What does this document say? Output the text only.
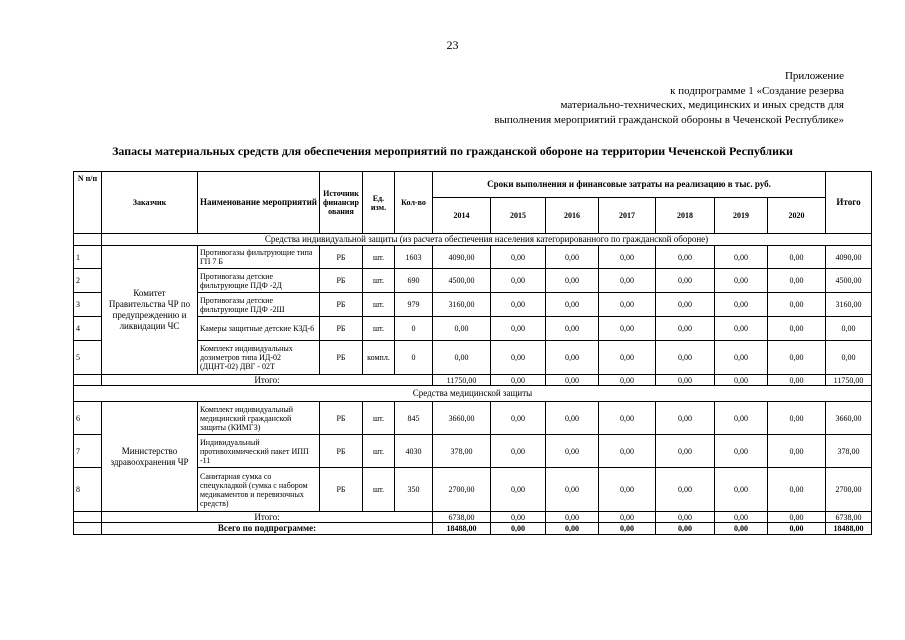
23
Приложение
к подпрограмме 1 «Создание резерва
материально-технических, медицинских и иных средств для
выполнения мероприятий гражданской обороны в Чеченской Республике»
Запасы материальных средств для обеспечения мероприятий по гражданской обороне на территории Чеченской Республики
N п/п	Заказчик	Наименование мероприятий	Источник финансирования	Ед. изм.	Кол-во	Сроки выполнения и финансовые затраты на реализацию в тыс. руб.							Итого
						2014	2015	2016	2017	2018	2019	2020	
	Средства индивидуальной защиты (из расчета обеспечения населения категорированного по гражданской обороне)												
1	Комитет Правительства ЧР по предупреждению и ликвидации ЧС	Противогазы фильтрующие типа ГП 7 Б	РБ	шт.	1603	4090,00	0,00	0,00	0,00	0,00	0,00	0,00	4090,00
2		Противогазы детские фильтрующие ПДФ -2Д	РБ	шт.	690	4500,00	0,00	0,00	0,00	0,00	0,00	0,00	4500,00
3		Противогазы детские фильтрующие ПДФ -2Ш	РБ	шт.	979	3160,00	0,00	0,00	0,00	0,00	0,00	0,00	3160,00
4		Камеры защитные детские КЗД-6	РБ	шт.	0	0,00	0,00	0,00	0,00	0,00	0,00	0,00	0,00
5		Комплект индивидуальных дозиметров типа ИД-02 (ДЦНТ-02) ДВГ - 02Т	РБ	компл.	0	0,00	0,00	0,00	0,00	0,00	0,00	0,00	0,00
	Итого:					11750,00	0,00	0,00	0,00	0,00	0,00	0,00	11750,00
Средства медицинской защиты													
6	Министерство здравоохранения ЧР	Комплект индивидуальный медицинский гражданской защиты (КИМГЗ)	РБ	шт.	845	3660,00	0,00	0,00	0,00	0,00	0,00	0,00	3660,00
7		Индивидуальный противохимический пакет ИПП -11	РБ	шт.	4030	378,00	0,00	0,00	0,00	0,00	0,00	0,00	378,00
8		Санитарная сумка со спецукладкой (сумка с набором медикаментов и перевязочных средств)	РБ	шт.	350	2700,00	0,00	0,00	0,00	0,00	0,00	0,00	2700,00
	Итого:					6738,00	0,00	0,00	0,00	0,00	0,00	0,00	6738,00
	Всего по подпрограмме:					18488,00	0,00	0,00	0,00	0,00	0,00	0,00	18488,00
